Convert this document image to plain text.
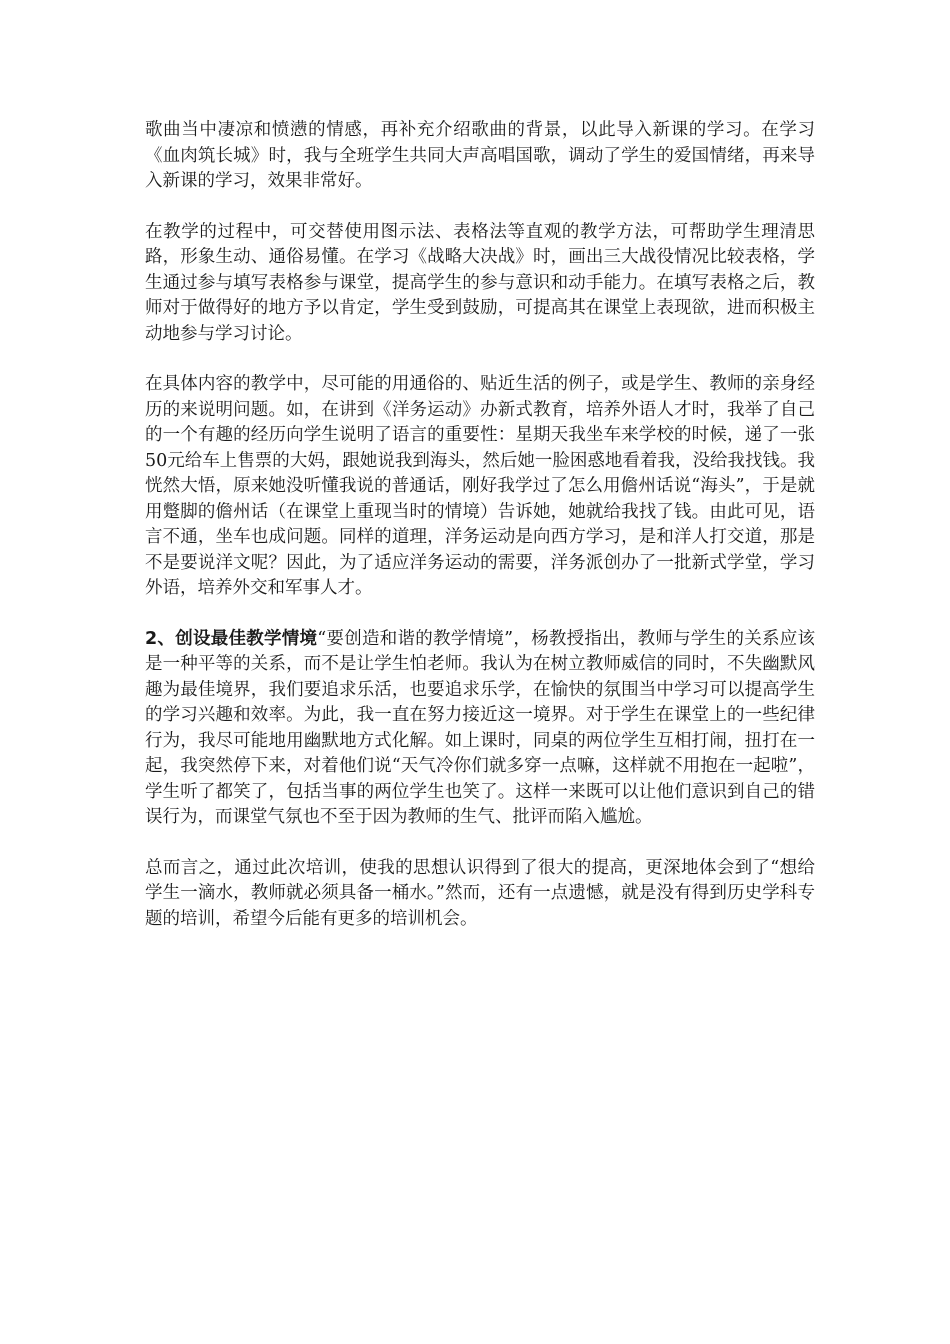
歌曲当中凄凉和愤懑的情感，再补充介绍歌曲的背景，以此导入新课的学习。在学习《血肉筑长城》时，我与全班学生共同大声高唱国歌，调动了学生的爱国情绪，再来导入新课的学习，效果非常好。

在教学的过程中，可交替使用图示法、表格法等直观的教学方法，可帮助学生理清思路，形象生动、通俗易懂。在学习《战略大决战》时，画出三大战役情况比较表格，学生通过参与填写表格参与课堂，提高学生的参与意识和动手能力。在填写表格之后，教师对于做得好的地方予以肯定，学生受到鼓励，可提高其在课堂上表现欲，进而积极主动地参与学习讨论。

在具体内容的教学中，尽可能的用通俗的、贴近生活的例子，或是学生、教师的亲身经历的来说明问题。如，在讲到《洋务运动》办新式教育，培养外语人才时，我举了自己的一个有趣的经历向学生说明了语言的重要性：星期天我坐车来学校的时候，递了一张50元给车上售票的大妈，跟她说我到海头，然后她一脸困惑地看着我，没给我找钱。我恍然大悟，原来她没听懂我说的普通话，刚好我学过了怎么用儋州话说“海头”，于是就用蹩脚的儋州话（在课堂上重现当时的情境）告诉她，她就给我找了钱。由此可见，语言不通，坐车也成问题。同样的道理，洋务运动是向西方学习，是和洋人打交道，那是不是要说洋文呢？因此，为了适应洋务运动的需要，洋务派创办了一批新式学堂，学习外语，培养外交和军事人才。

2、创设最佳教学情境“要创造和谐的教学情境”，杨教授指出，教师与学生的关系应该是一种平等的关系，而不是让学生怕老师。我认为在树立教师威信的同时，不失幽默风趣为最佳境界，我们要追求乐活，也要追求乐学，在愉快的氛围当中学习可以提高学生的学习兴趣和效率。为此，我一直在努力接近这一境界。对于学生在课堂上的一些纪律行为，我尽可能地用幽默地方式化解。如上课时，同桌的两位学生互相打闹，扭打在一起，我突然停下来，对着他们说“天气冷你们就多穿一点嘛，这样就不用抱在一起啦”，学生听了都笑了，包括当事的两位学生也笑了。这样一来既可以让他们意识到自己的错误行为，而课堂气氛也不至于因为教师的生气、批评而陷入尴尬。

总而言之，通过此次培训，使我的思想认识得到了很大的提高，更深地体会到了“想给学生一滴水，教师就必须具备一桶水。”然而，还有一点遗憾，就是没有得到历史学科专题的培训，希望今后能有更多的培训机会。
